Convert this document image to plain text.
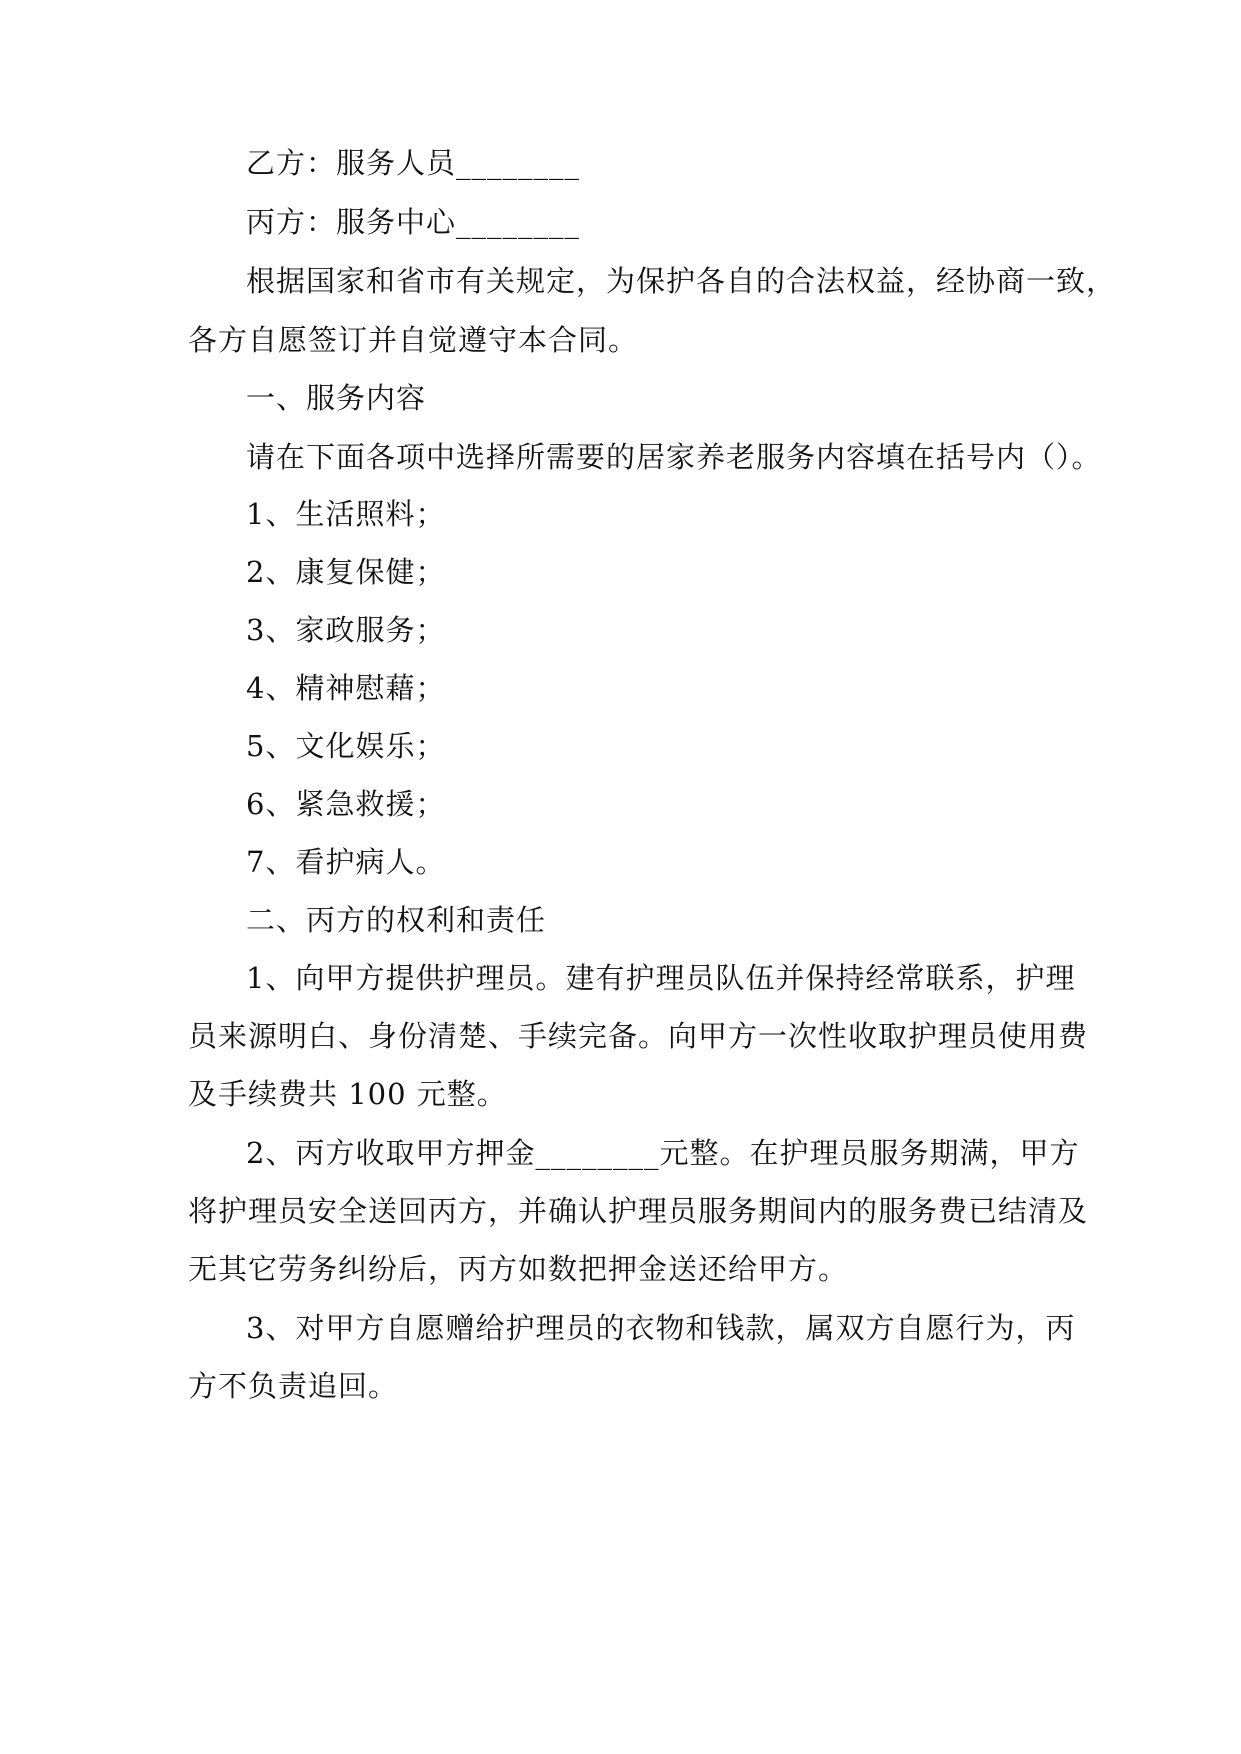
乙方：服务人员________

丙方：服务中心________

根据国家和省市有关规定，为保护各自的合法权益，经协商一致，

各方自愿签订并自觉遵守本合同。

一、服务内容

请在下面各项中选择所需要的居家养老服务内容填在括号内（）。

1、生活照料；

2、康复保健；

3、家政服务；

4、精神慰藉；

5、文化娱乐；

6、紧急救援；

7、看护病人。

二、丙方的权利和责任

1、向甲方提供护理员。建有护理员队伍并保持经常联系，护理

员来源明白、身份清楚、手续完备。向甲方一次性收取护理员使用费

及手续费共 100 元整。

2、丙方收取甲方押金________元整。在护理员服务期满，甲方

将护理员安全送回丙方，并确认护理员服务期间内的服务费已结清及

无其它劳务纠纷后，丙方如数把押金送还给甲方。

3、对甲方自愿赠给护理员的衣物和钱款，属双方自愿行为，丙

方不负责追回。
